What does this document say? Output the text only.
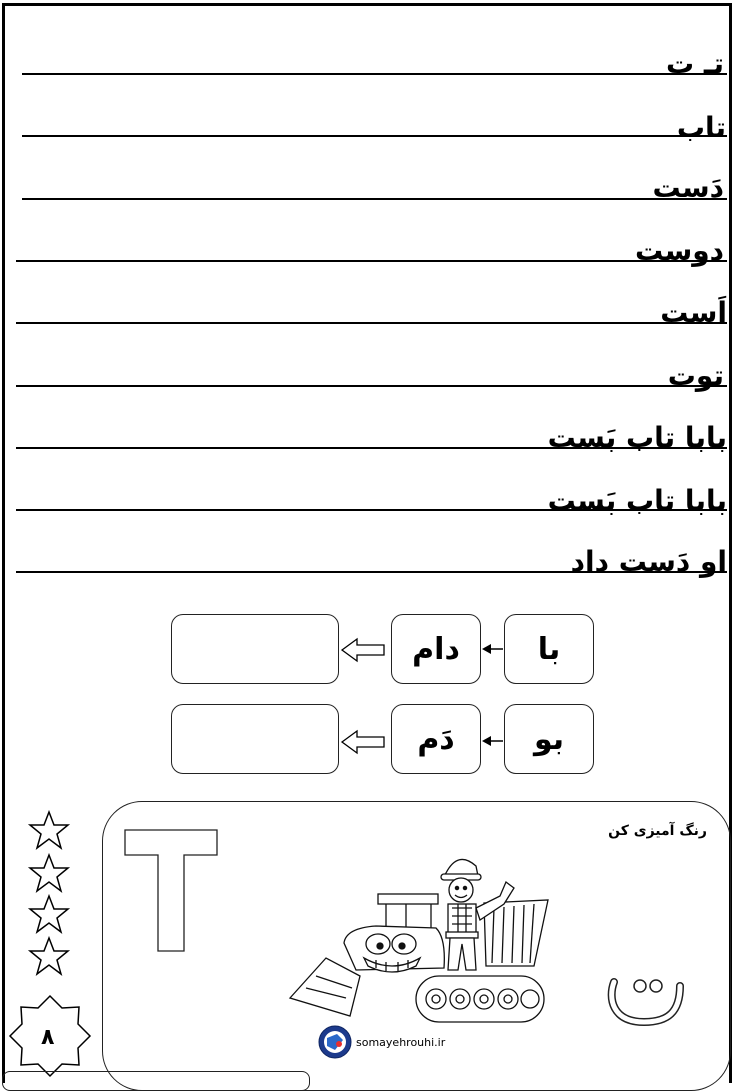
تـ ت
تاب
دَست
دوست
اَست
توت
بابا تاب بَست
بابا تاب بَست
او دَست داد
با
دام
بو
دَم
۸
رنگ آمیزی کن
somayehrouhi.ir
